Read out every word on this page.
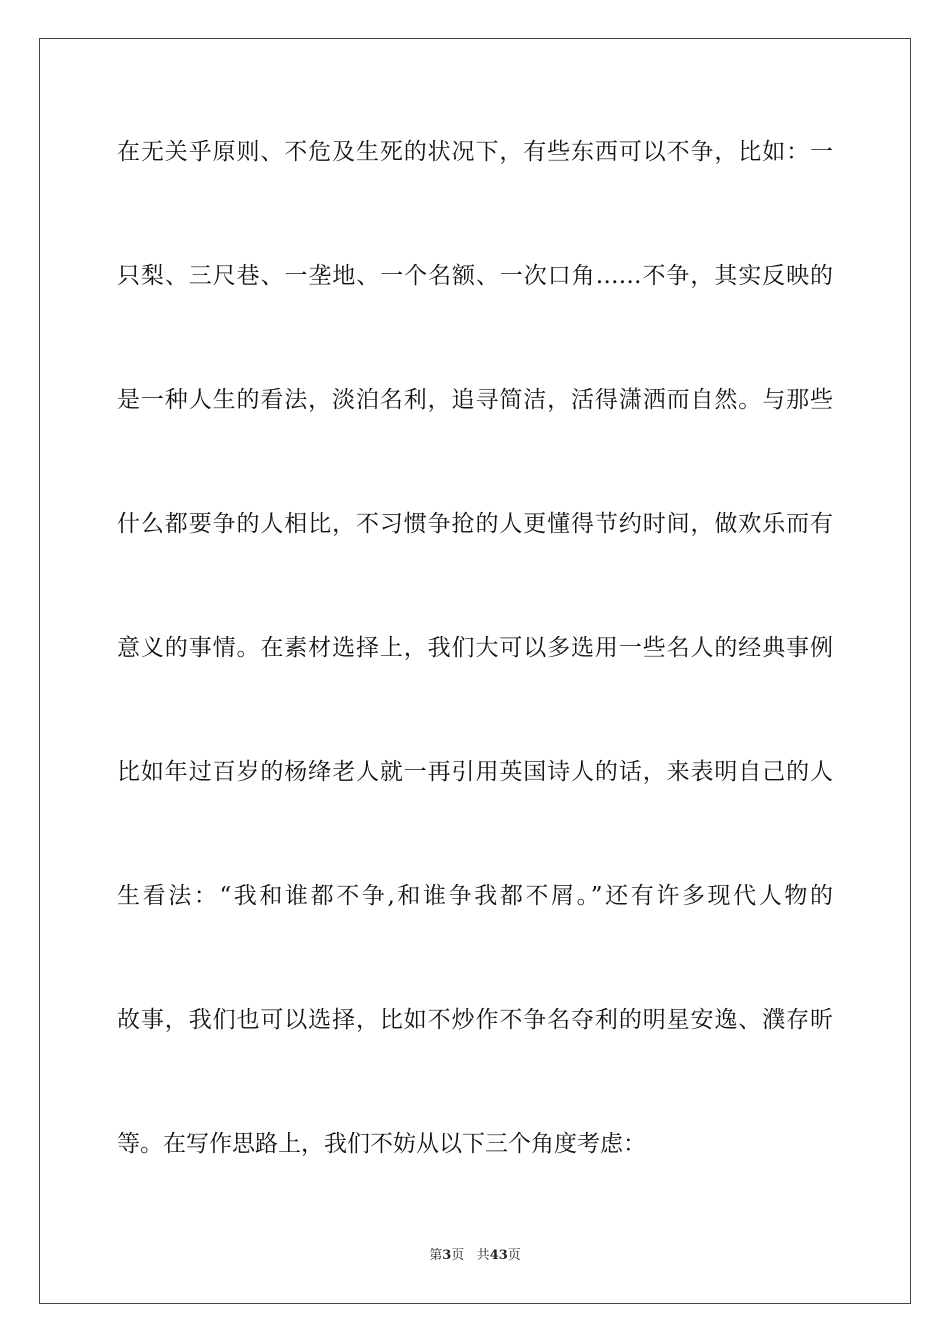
在无关乎原则、不危及生死的状况下，有些东西可以不争，比如：一
只梨、三尺巷、一垄地、一个名额、一次口角……不争，其实反映的
是一种人生的看法，淡泊名利，追寻简洁，活得潇洒而自然。与那些
什么都要争的人相比，不习惯争抢的人更懂得节约时间，做欢乐而有
意义的事情。在素材选择上，我们大可以多选用一些名人的经典事例
比如年过百岁的杨绛老人就一再引用英国诗人的话，来表明自己的人
生看法：“我和谁都不争,和谁争我都不屑。”还有许多现代人物的
故事，我们也可以选择，比如不炒作不争名夺利的明星安逸、濮存昕
等。在写作思路上，我们不妨从以下三个角度考虑：
第3页 共43页
